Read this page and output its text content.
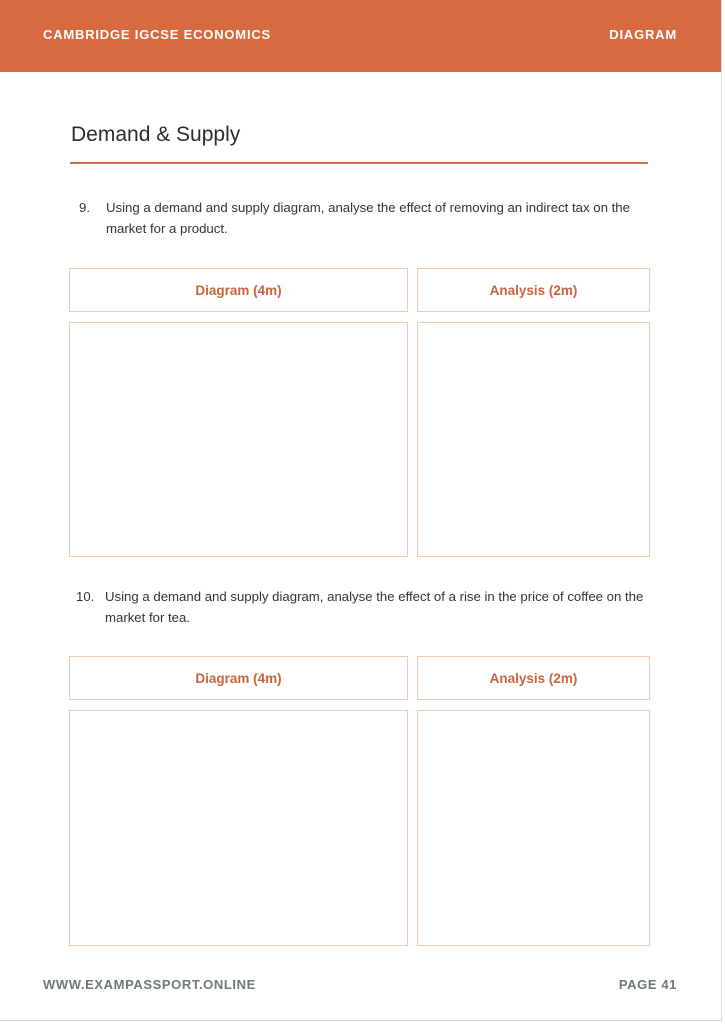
CAMBRIDGE IGCSE ECONOMICS	DIAGRAM
Demand & Supply
9.	Using a demand and supply diagram, analyse the effect of removing an indirect tax on the market for a product.
Diagram (4m)	Analysis (2m)
10. Using a demand and supply diagram, analyse the effect of a rise in the price of coffee on the market for tea.
Diagram (4m)	Analysis (2m)
WWW.EXAMPASSPORT.ONLINE	PAGE 41
